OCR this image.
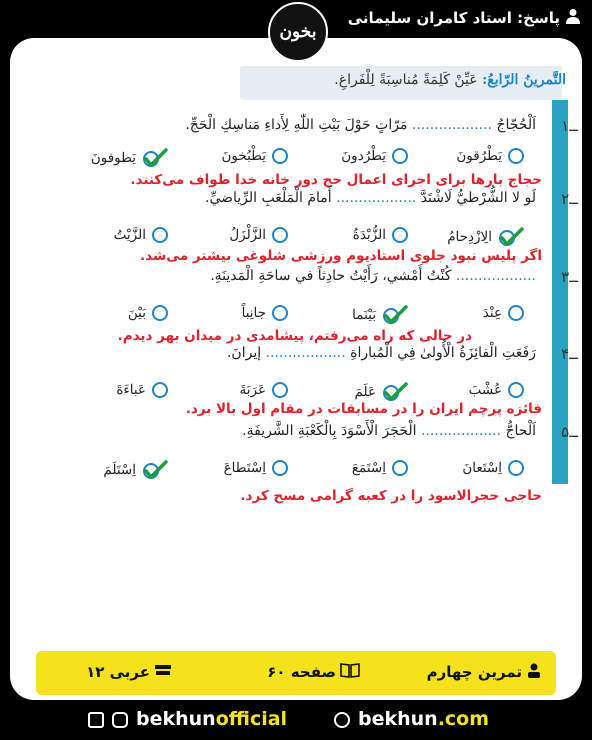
پاسخ: استاد کامران سلیمانی
بخون
التَّمرينُ الرّابعُ: عَيِّنْ كَلِمَةً مُناسِبَةً لِلْفَراغِ.
۱ــ
اَلْحُجّاجُ .................. مَرّاتٍ حَوْلَ بَيْتِ اللّٰهِ لِأَداءِ مَناسِكِ الْحَجِّ.
يَطْرُقونَ
يَطْرُدونَ
يَطْبُخونَ
يَطوفونَ
حجاج بارها برای اجرای اعمال حج دور خانه خدا طواف می‌کنند.
۲ــ
لَو لا الشُّرْطيُّ لَاشْتَدَّ .................. أَمامَ الْمَلْعَبِ الرِّياضيِّ.
الِازْدِحامُ
الزُّبْدَةُ
الزَّلْزَلُ
الزَّيْتُ
اگر پلیس نبود جلوی استادیوم ورزشی شلوغی بیشتر می‌شد.
۳ــ
.................. كُنْتُ أَمْشي، رَأَيْتُ حادِثاً في ساحَةِ الْمَدينَةِ.
عِنْدَ
بَيْنَما
جانِباً
بَيْنَ
در حالی که راه می‌رفتم، پیشامدی در میدان بهر دیدم.
۴ــ
رَفَعَتِ الْفائِزَةُ الْأُولىٰ فِي الْمُباراةِ .................. إيرانَ.
عُشْبَ
عَلَمَ
عَرَبَةَ
عَباءَةَ
فائزه پرچم ایران را در مسابقات در مقام اول بالا برد.
۵ــ
اَلْحاجُّ .................. الْحَجَرَ الْأَسْوَدَ بِالْكَعْبَةِ الشَّريفَةِ.
اِسْتَعانَ
اِسْتَمَعَ
اِسْتَطاعَ
اِسْتَلَمَ
حاجی حجرالاسود را در کعبه گرامی مسح کرد.
تمرین چهارم
صفحه ۶۰
عربی ۱۲
bekhunofficial	bekhun.com
